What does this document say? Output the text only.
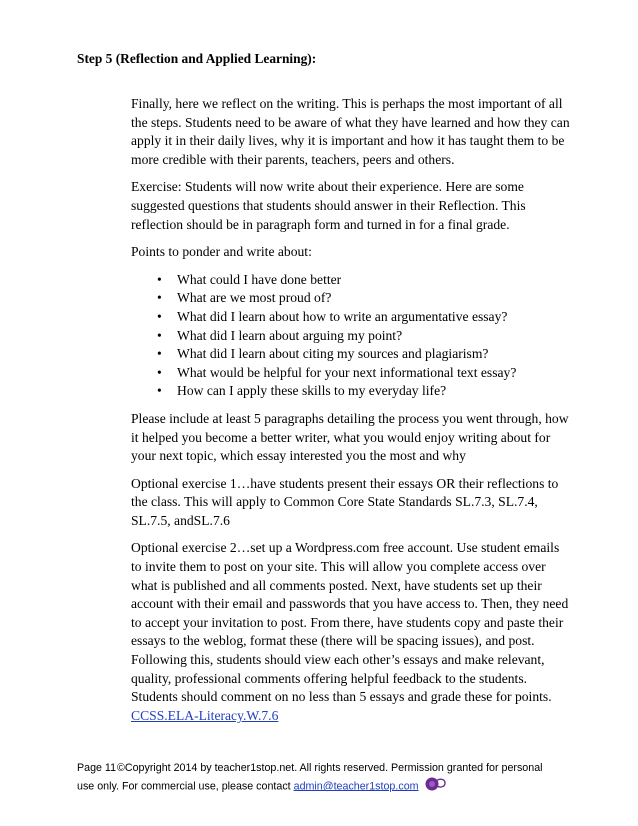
Step 5 (Reflection and Applied Learning):

Finally, here we reflect on the writing. This is perhaps the most important of all the steps. Students need to be aware of what they have learned and how they can apply it in their daily lives, why it is important and how it has taught them to be more credible with their parents, teachers, peers and others.

Exercise: Students will now write about their experience. Here are some suggested questions that students should answer in their Reflection. This reflection should be in paragraph form and turned in for a final grade.

Points to ponder and write about:

• What could I have done better
• What are we most proud of?
• What did I learn about how to write an argumentative essay?
• What did I learn about arguing my point?
• What did I learn about citing my sources and plagiarism?
• What would be helpful for your next informational text essay?
• How can I apply these skills to my everyday life?

Please include at least 5 paragraphs detailing the process you went through, how it helped you become a better writer, what you would enjoy writing about for your next topic, which essay interested you the most and why

Optional exercise 1…have students present their essays OR their reflections to the class. This will apply to Common Core State Standards SL.7.3, SL.7.4, SL.7.5, andSL.7.6

Optional exercise 2…set up a Wordpress.com free account. Use student emails to invite them to post on your site. This will allow you complete access over what is published and all comments posted. Next, have students set up their account with their email and passwords that you have access to. Then, they need to accept your invitation to post. From there, have students copy and paste their essays to the weblog, format these (there will be spacing issues), and post. Following this, students should view each other’s essays and make relevant, quality, professional comments offering helpful feedback to the students. Students should comment on no less than 5 essays and grade these for points. CCSS.ELA-Literacy.W.7.6

Page 11©Copyright 2014 by teacher1stop.net. All rights reserved. Permission granted for personal
use only. For commercial use, please contact admin@teacher1stop.com
